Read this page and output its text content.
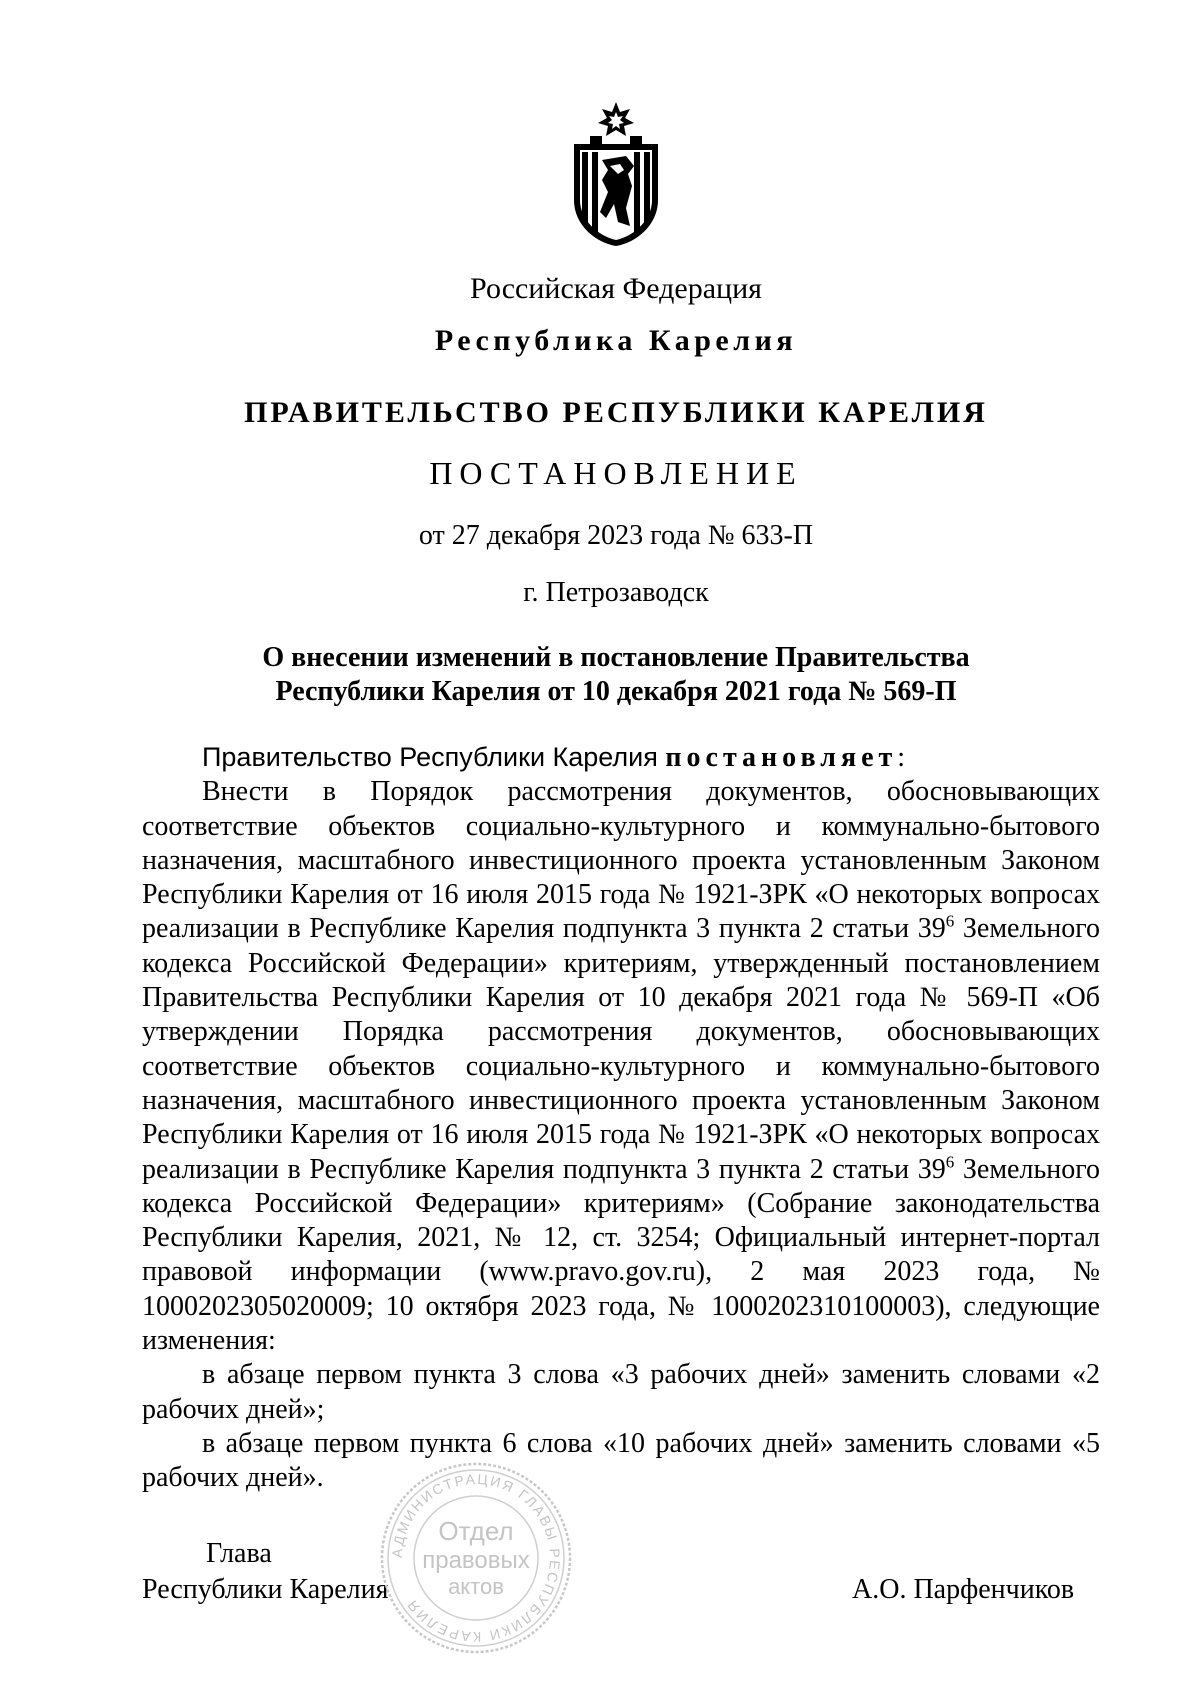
Российская Федерация
Республика Карелия
ПРАВИТЕЛЬСТВО РЕСПУБЛИКИ КАРЕЛИЯ
ПОСТАНОВЛЕНИЕ
от 27 декабря 2023 года № 633-П
г. Петрозаводск
О внесении изменений в постановление Правительства
Республики Карелия от 10 декабря 2021 года № 569-П

Правительство Республики Карелия постановляет:

Внести в Порядок рассмотрения документов, обосновывающих соответствие объектов социально-культурного и коммунально-бытового назначения, масштабного инвестиционного проекта установленным Законом Республики Карелия от 16 июля 2015 года № 1921-ЗРК «О некоторых вопросах реализации в Республике Карелия подпункта 3 пункта 2 статьи $39^6$ Земельного кодекса Российской Федерации» критериям, утвержденный постановлением Правительства Республики Карелия от 10 декабря 2021 года № 569-П «Об утверждении Порядка рассмотрения документов, обосновывающих соответствие объектов социально-культурного и коммунально-бытового назначения, масштабного инвестиционного проекта установленным Законом Республики Карелия от 16 июля 2015 года № 1921-ЗРК «О некоторых вопросах реализации в Республике Карелия подпункта 3 пункта 2 статьи $39^6$ Земельного кодекса Российской Федерации» критериям» (Собрание законодательства Республики Карелия, 2021, № 12, ст. 3254; Официальный интернет-портал правовой информации (www.pravo.gov.ru), 2 мая 2023 года, № 1000202305020009; 10 октября 2023 года, № 1000202310100003), следующие изменения:

в абзаце первом пункта 3 слова «3 рабочих дней» заменить словами «2 рабочих дней»;

в абзаце первом пункта 6 слова «10 рабочих дней» заменить словами «5 рабочих дней».

Глава
Республики Карелия	А.О. Парфенчиков
АДМИНИСТРАЦИЯ ГЛАВЫ РЕСПУБЛИКИ КАРЕЛИЯ
Отдел
правовых
актов
